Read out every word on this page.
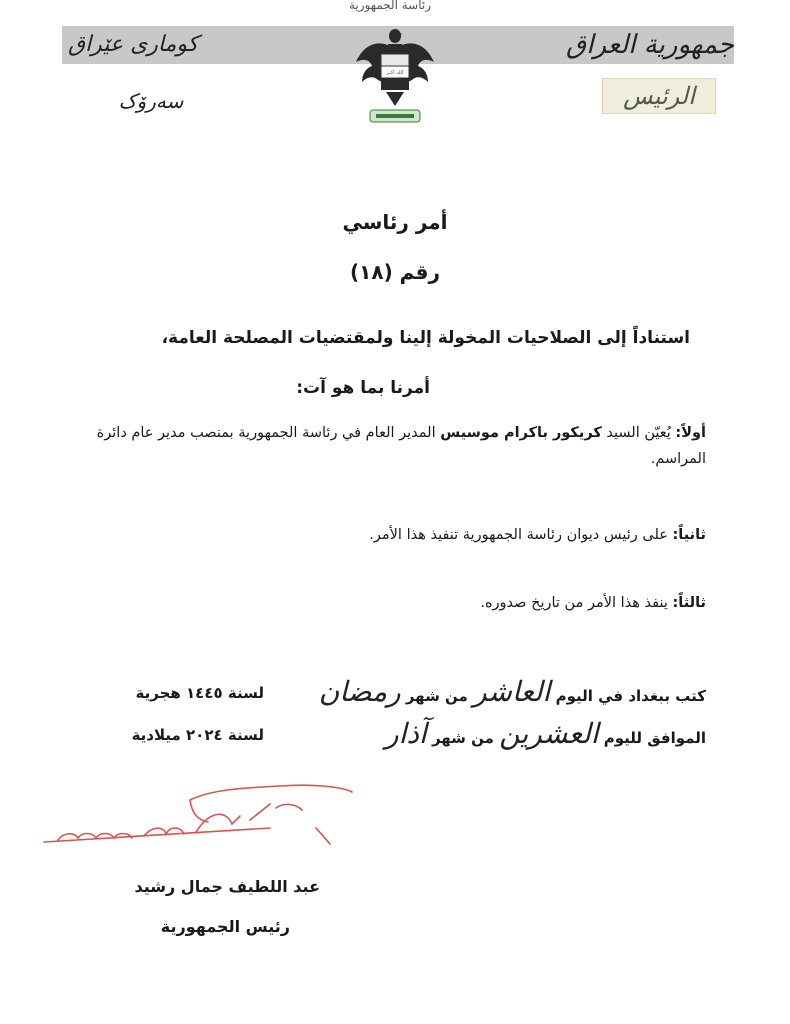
رئاسة الجمهورية
جمهورية العراق
كوماری عێراق
الرئيس
سەرۆک
الله أكبر
أمر رئاسي
رقم (١٨)
استناداً إلى الصلاحيات المخولة إلينا ولمقتضيات المصلحة العامة،
أمرنا بما هو آت:
أولاً: يُعيّن السيد كريكور باكرام موسيس المدير العام في رئاسة الجمهورية بمنصب مدير عام دائرة المراسم.
ثانياً: على رئيس ديوان رئاسة الجمهورية تنفيذ هذا الأمر.
ثالثاً: ينفذ هذا الأمر من تاريخ صدوره.
كتب ببغداد في اليوم العاشر من شهر رمضان
لسنة ١٤٤٥ هجرية
الموافق لليوم العشرين من شهر آذار
لسنة ٢٠٢٤ ميلادية
عبد اللطيف جمال رشيد
رئيس الجمهورية
